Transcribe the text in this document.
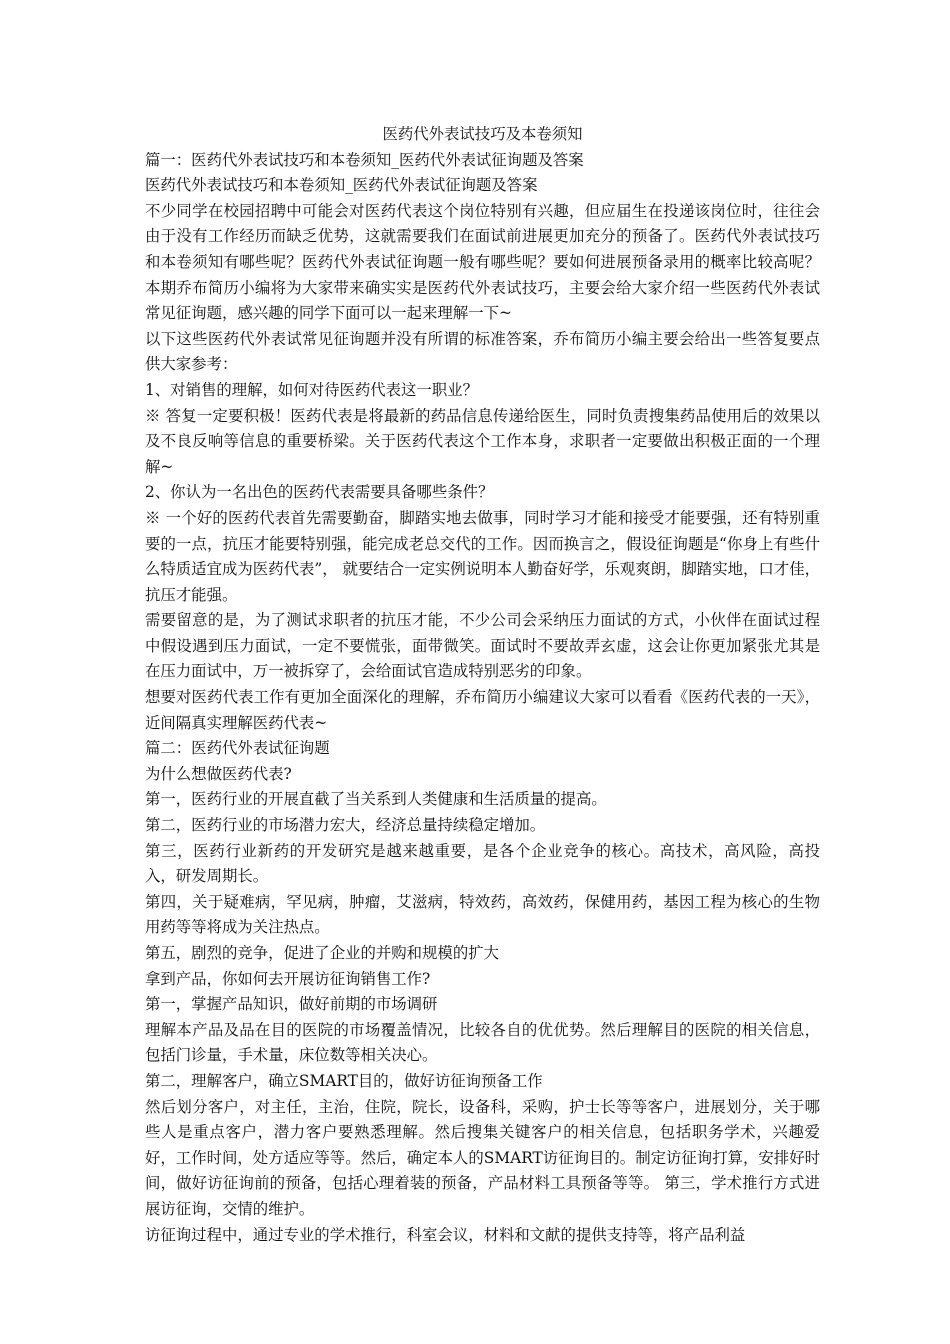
医药代外表试技巧及本卷须知
篇一：医药代外表试技巧和本卷须知_医药代外表试征询题及答案
医药代外表试技巧和本卷须知_医药代外表试征询题及答案
不少同学在校园招聘中可能会对医药代表这个岗位特别有兴趣，但应届生在投递该岗位时，往往会由于没有工作经历而缺乏优势，这就需要我们在面试前进展更加充分的预备了。医药代外表试技巧和本卷须知有哪些呢？医药代外表试征询题一般有哪些呢？要如何进展预备录用的概率比较高呢？本期乔布简历小编将为大家带来确实实是医药代外表试技巧，主要会给大家介绍一些医药代外表试常见征询题，感兴趣的同学下面可以一起来理解一下~
以下这些医药代外表试常见征询题并没有所谓的标准答案，乔布简历小编主要会给出一些答复要点供大家参考：
1、对销售的理解，如何对待医药代表这一职业？
※ 答复一定要积极！医药代表是将最新的药品信息传递给医生，同时负责搜集药品使用后的效果以及不良反响等信息的重要桥梁。关于医药代表这个工作本身，求职者一定要做出积极正面的一个理解~
2、你认为一名出色的医药代表需要具备哪些条件？
※ 一个好的医药代表首先需要勤奋，脚踏实地去做事，同时学习才能和接受才能要强，还有特别重要的一点，抗压才能要特别强，能完成老总交代的工作。因而换言之，假设征询题是“你身上有些什么特质适宜成为医药代表”， 就要结合一定实例说明本人勤奋好学，乐观爽朗，脚踏实地，口才佳，抗压才能强。
需要留意的是，为了测试求职者的抗压才能，不少公司会采纳压力面试的方式，小伙伴在面试过程中假设遇到压力面试，一定不要慌张，面带微笑。面试时不要故弄玄虚，这会让你更加紧张尤其是在压力面试中，万一被拆穿了，会给面试官造成特别恶劣的印象。
想要对医药代表工作有更加全面深化的理解，乔布简历小编建议大家可以看看《医药代表的一天》，近间隔真实理解医药代表~
篇二：医药代外表试征询题
为什么想做医药代表?
第一，医药行业的开展直截了当关系到人类健康和生活质量的提高。
第二，医药行业的市场潜力宏大，经济总量持续稳定增加。
第三，医药行业新药的开发研究是越来越重要，是各个企业竞争的核心。高技术，高风险，高投入，研发周期长。
第四，关于疑难病，罕见病，肿瘤，艾滋病，特效药，高效药，保健用药，基因工程为核心的生物用药等等将成为关注热点。
第五，剧烈的竞争，促进了企业的并购和规模的扩大
拿到产品，你如何去开展访征询销售工作?
第一，掌握产品知识，做好前期的市场调研
理解本产品及品在目的医院的市场覆盖情况，比较各自的优优势。然后理解目的医院的相关信息，包括门诊量，手术量，床位数等相关决心。
第二，理解客户，确立SMART目的，做好访征询预备工作
然后划分客户，对主任，主治，住院，院长，设备科，采购，护士长等等客户，进展划分，关于哪些人是重点客户，潜力客户要熟悉理解。然后搜集关键客户的相关信息，包括职务学术，兴趣爱好，工作时间，处方适应等等。然后，确定本人的SMART访征询目的。制定访征询打算，安排好时间，做好访征询前的预备，包括心理着装的预备，产品材料工具预备等等。 第三，学术推行方式进展访征询，交情的维护。
访征询过程中，通过专业的学术推行，科室会议，材料和文献的提供支持等，将产品利益
